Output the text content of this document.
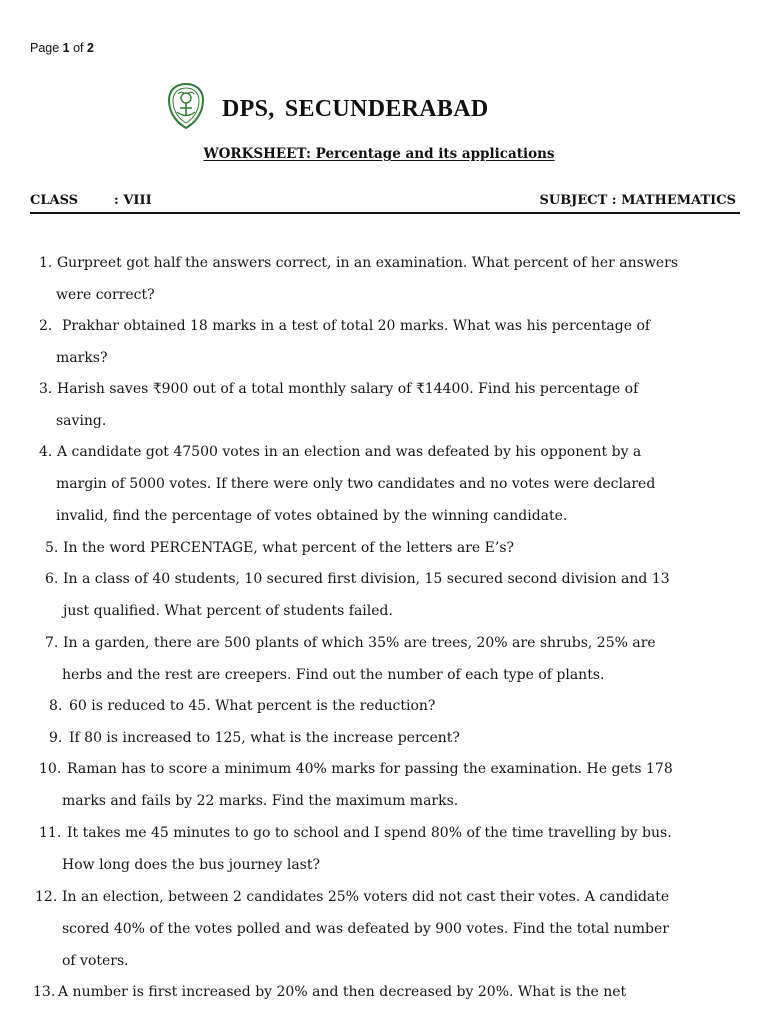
Page 1 of 2
DPS, SECUNDERABAD
WORKSHEET: Percentage and its applications
CLASS	: VIII	SUBJECT : MATHEMATICS
1. Gurpreet got half the answers correct, in an examination. What percent of her answers
were correct?
2. Prakhar obtained 18 marks in a test of total 20 marks. What was his percentage of
marks?
3. Harish saves ₹900 out of a total monthly salary of ₹14400. Find his percentage of
saving.
4. A candidate got 47500 votes in an election and was defeated by his opponent by a
margin of 5000 votes. If there were only two candidates and no votes were declared
invalid, find the percentage of votes obtained by the winning candidate.
5. In the word PERCENTAGE, what percent of the letters are E’s?
6. In a class of 40 students, 10 secured first division, 15 secured second division and 13
just qualified. What percent of students failed.
7. In a garden, there are 500 plants of which 35% are trees, 20% are shrubs, 25% are
herbs and the rest are creepers. Find out the number of each type of plants.
8. 60 is reduced to 45. What percent is the reduction?
9. If 80 is increased to 125, what is the increase percent?
10. Raman has to score a minimum 40% marks for passing the examination. He gets 178
marks and fails by 22 marks. Find the maximum marks.
11. It takes me 45 minutes to go to school and I spend 80% of the time travelling by bus.
How long does the bus journey last?
12. In an election, between 2 candidates 25% voters did not cast their votes. A candidate
scored 40% of the votes polled and was defeated by 900 votes. Find the total number
of voters.
13. A number is first increased by 20% and then decreased by 20%. What is the net
